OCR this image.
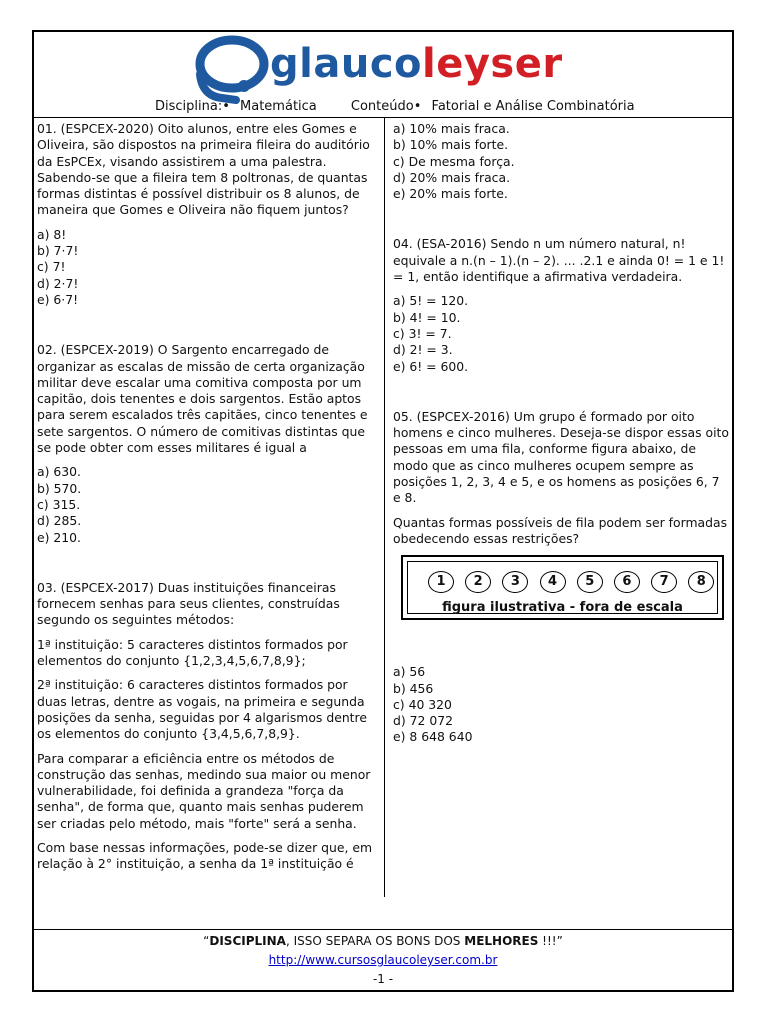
glaucoleyser
Disciplina:• Matemática	Conteúdo• Fatorial e Análise Combinatória

01. (ESPCEX-2020) Oito alunos, entre eles Gomes e Oliveira, são dispostos na primeira fileira do auditório da EsPCEx, visando assistirem a uma palestra. Sabendo-se que a fileira tem 8 poltronas, de quantas formas distintas é possível distribuir os 8 alunos, de maneira que Gomes e Oliveira não fiquem juntos?

a) 8!
b) 7·7!
c) 7!
d) 2·7!
e) 6·7!

02. (ESPCEX-2019) O Sargento encarregado de organizar as escalas de missão de certa organização militar deve escalar uma comitiva composta por um capitão, dois tenentes e dois sargentos. Estão aptos para serem escalados três capitães, cinco tenentes e sete sargentos. O número de comitivas distintas que se pode obter com esses militares é igual a

a) 630.
b) 570.
c) 315.
d) 285.
e) 210.

03. (ESPCEX-2017) Duas instituições financeiras fornecem senhas para seus clientes, construídas segundo os seguintes métodos:

1ª instituição: 5 caracteres distintos formados por elementos do conjunto {1,2,3,4,5,6,7,8,9};

2ª instituição: 6 caracteres distintos formados por duas letras, dentre as vogais, na primeira e segunda posições da senha, seguidas por 4 algarismos dentre os elementos do conjunto {3,4,5,6,7,8,9}.

Para comparar a eficiência entre os métodos de construção das senhas, medindo sua maior ou menor vulnerabilidade, foi definida a grandeza "força da senha", de forma que, quanto mais senhas puderem ser criadas pelo método, mais "forte" será a senha.

Com base nessas informações, pode-se dizer que, em relação à 2° instituição, a senha da 1ª instituição é

a) 10% mais fraca.
b) 10% mais forte.
c) De mesma força.
d) 20% mais fraca.
e) 20% mais forte.

04. (ESA-2016) Sendo n um número natural, n! equivale a n.(n – 1).(n – 2). ... .2.1 e ainda 0! = 1 e 1! = 1, então identifique a afirmativa verdadeira.

a) 5! = 120.
b) 4! = 10.
c) 3! = 7.
d) 2! = 3.
e) 6! = 600.

05. (ESPCEX-2016) Um grupo é formado por oito homens e cinco mulheres. Deseja-se dispor essas oito pessoas em uma fila, conforme figura abaixo, de modo que as cinco mulheres ocupem sempre as posições 1, 2, 3, 4 e 5, e os homens as posições 6, 7 e 8.

Quantas formas possíveis de fila podem ser formadas obedecendo essas restrições?

1	2	3	4	5	6	7	8
figura ilustrativa - fora de escala
a) 56
b) 456
c) 40 320
d) 72 072
e) 8 648 640
“DISCIPLINA, ISSO SEPARA OS BONS DOS MELHORES !!!”
http://www.cursosglaucoleyser.com.br
-1 -
